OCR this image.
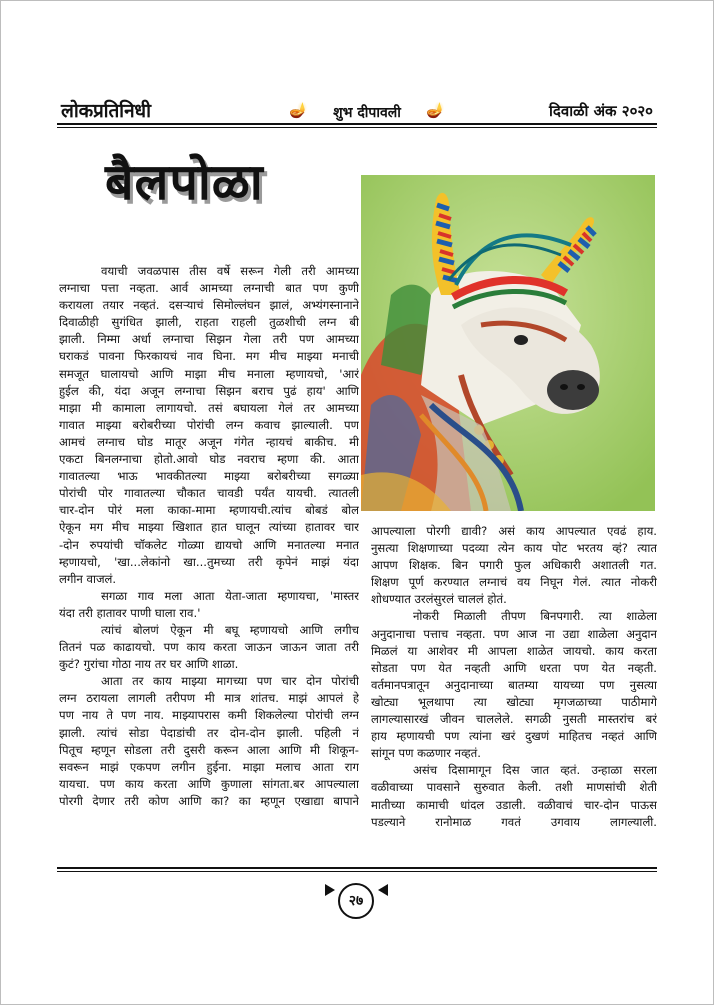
लोकप्रतिनिधी	🪔	शुभ दीपावली	🪔	दिवाळी अंक २०२०
बैलपोळा
वयाची जवळपास तीस वर्षे सरून गेली तरी आमच्या
लग्नाचा पत्ता नव्हता. आर्व आमच्या लग्नाची बात पण कुणी
करायला तयार नव्हतं. दसऱ्याचं सिमोल्लंघन झालं, अभ्यंगस्नानाने
दिवाळीही सुगंधित झाली, राहता राहली तुळशीची लग्न बी
झाली. निम्मा अर्धा लग्नाचा सिझन गेला तरी पण आमच्या
घराकडं पावना फिरकायचं नाव घिना. मग मीच माझ्या मनाची
समजूत घालायचो आणि माझा मीच मनाला म्हणायचो, 'आरं
हुईल की, यंदा अजून लग्नाचा सिझन बराच पुढं हाय' आणि
माझा मी कामाला लागायचो. तसं बघायला गेलं तर आमच्या
गावात माझ्या बरोबरीच्या पोरांची लग्न कवाच झाल्याली. पण
आमचं लग्नाच घोड मातूर अजून गंगेत न्हायचं बाकीच. मी
एकटा बिनलग्नाचा होतो.आवो घोड नवराच म्हणा की. आता
गावातल्या भाऊ भावकीतल्या माझ्या बरोबरीच्या सगळ्या
पोरांची पोर गावातल्या चौकात चावडी पर्यंत यायची. त्यातली
चार-दोन पोरं मला काका-मामा म्हणायची.त्यांच बोबडं बोल
ऐकून मग मीच माझ्या खिशात हात घालून त्यांच्या हातावर चार
-दोन रुपयांची चॉकलेट गोळ्या द्यायचो आणि मनातल्या मनात
म्हणायचो, 'खा...लेकांनो खा...तुमच्या तरी कृपेनं माझं यंदा
लगीन वाजलं.
सगळा गाव मला आता येता-जाता म्हणायचा, 'मास्तर
यंदा तरी हातावर पाणी घाला राव.'
त्यांचं बोलणं ऐकून मी बघू म्हणायचो आणि लगीच
तितनं पळ काढायचो. पण काय करता जाऊन जाऊन जाता तरी
कुटं? गुरांचा गोठा नाय तर घर आणि शाळा.
आता तर काय माझ्या मागच्या पण चार दोन पोरांची
लग्न ठरायला लागली तरीपण मी मात्र शांतच. माझं आपलं हे
पण नाय ते पण नाय. माझ्यापरास कमी शिकलेल्या पोरांची लग्न
झाली. त्यांचं सोडा पेदाडांची तर दोन-दोन झाली. पहिली नं
पितूच म्हणून सोडला तरी दुसरी करून आला आणि मी शिकून-
सवरून माझं एकपण लगीन हुईना. माझा मलाच आता राग
यायचा. पण काय करता आणि कुणाला सांगता.बर आपल्याला
पोरगी देणार तरी कोण आणि का? का म्हणून एखाद्या बापाने
आपल्याला पोरगी द्यावी? असं काय आपल्यात एवढं हाय.
नुसत्या शिक्षणाच्या पदव्या त्येन काय पोट भरतय व्हं? त्यात
आपण शिक्षक. बिन पगारी फुल अधिकारी अशातली गत.
शिक्षण पूर्ण करण्यात लग्नाचं वय निघून गेलं. त्यात नोकरी
शोधण्यात उरलंसुरलं चाललं होतं.
नोकरी मिळाली तीपण बिनपगारी. त्या शाळेला
अनुदानाचा पत्ताच नव्हता. पण आज ना उद्या शाळेला अनुदान
मिळलं या आशेवर मी आपला शाळेत जायचो. काय करता
सोडता पण येत नव्हती आणि धरता पण येत नव्हती.
वर्तमानपत्रातून अनुदानाच्या बातम्या यायच्या पण नुसत्या
खोट्या भूलथापा त्या खोट्या मृगजळाच्या पाठीमागे
लागल्यासारखं जीवन चाललेले. सगळी नुसती मास्तरांच बरं
हाय म्हणायची पण त्यांना खरं दुखणं माहितच नव्हतं आणि
सांगून पण कळणार नव्हतं.
असंच दिसामागून दिस जात व्हतं. उन्हाळा सरला
वळीवाच्या पावसाने सुरुवात केली. तशी माणसांची शेती
मातीच्या कामाची धांदल उडाली. वळीवाचं चार-दोन पाऊस
पडल्याने रानोमाळ गवतं उगवाय लागल्याली.
२७
